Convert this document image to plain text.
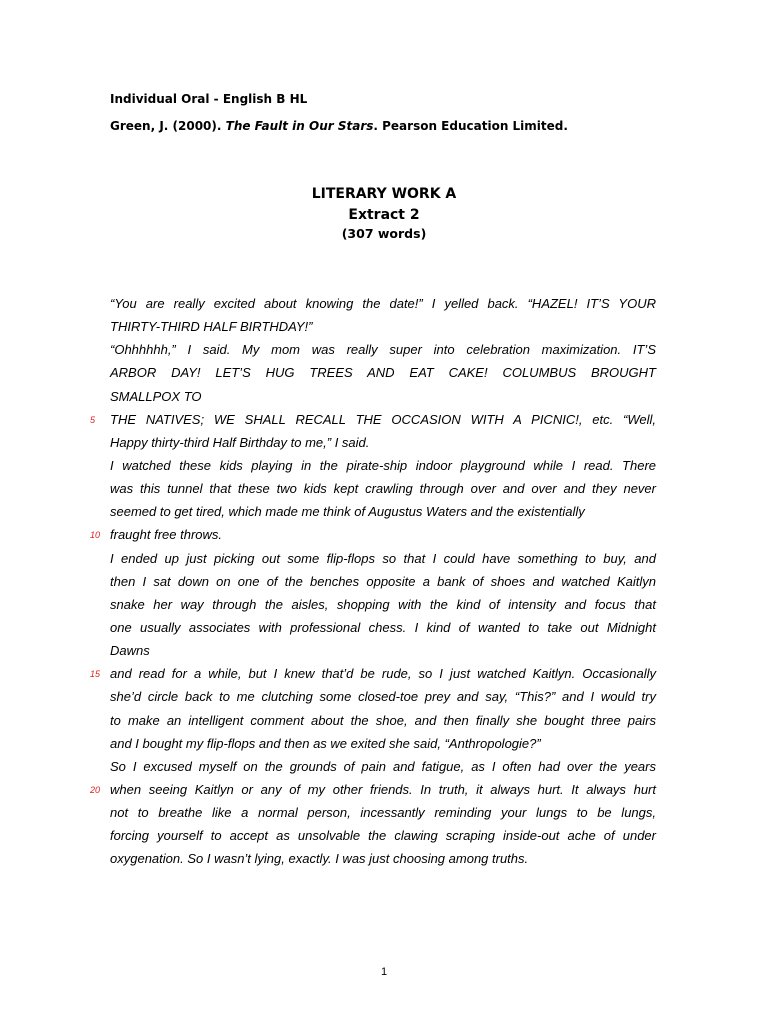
Individual Oral - English B HL
Green, J. (2000). The Fault in Our Stars. Pearson Education Limited.
LITERARY WORK A
Extract 2
(307 words)
“You are really excited about knowing the date!” I yelled back. “HAZEL! IT’S YOUR
THIRTY-THIRD HALF BIRTHDAY!”
“Ohhhhhh,” I said. My mom was really super into celebration maximization. IT’S
ARBOR DAY! LET’S HUG TREES AND EAT CAKE! COLUMBUS BROUGHT
SMALLPOX TO
5	THE NATIVES; WE SHALL RECALL THE OCCASION WITH A PICNIC!, etc. “Well,
Happy thirty-third Half Birthday to me,” I said.
I watched these kids playing in the pirate-ship indoor playground while I read. There
was this tunnel that these two kids kept crawling through over and over and they never
seemed to get tired, which made me think of Augustus Waters and the existentially
10 fraught free throws.
I ended up just picking out some flip-flops so that I could have something to buy, and
then I sat down on one of the benches opposite a bank of shoes and watched Kaitlyn
snake her way through the aisles, shopping with the kind of intensity and focus that
one usually associates with professional chess. I kind of wanted to take out Midnight
Dawns
15 and read for a while, but I knew that’d be rude, so I just watched Kaitlyn. Occasionally
she’d circle back to me clutching some closed-toe prey and say, “This?” and I would try
to make an intelligent comment about the shoe, and then finally she bought three pairs
and I bought my flip-flops and then as we exited she said, “Anthropologie?”
So I excused myself on the grounds of pain and fatigue, as I often had over the years
20 when seeing Kaitlyn or any of my other friends. In truth, it always hurt. It always hurt
not to breathe like a normal person, incessantly reminding your lungs to be lungs,
forcing yourself to accept as unsolvable the clawing scraping inside-out ache of under
oxygenation. So I wasn’t lying, exactly. I was just choosing among truths.
1
